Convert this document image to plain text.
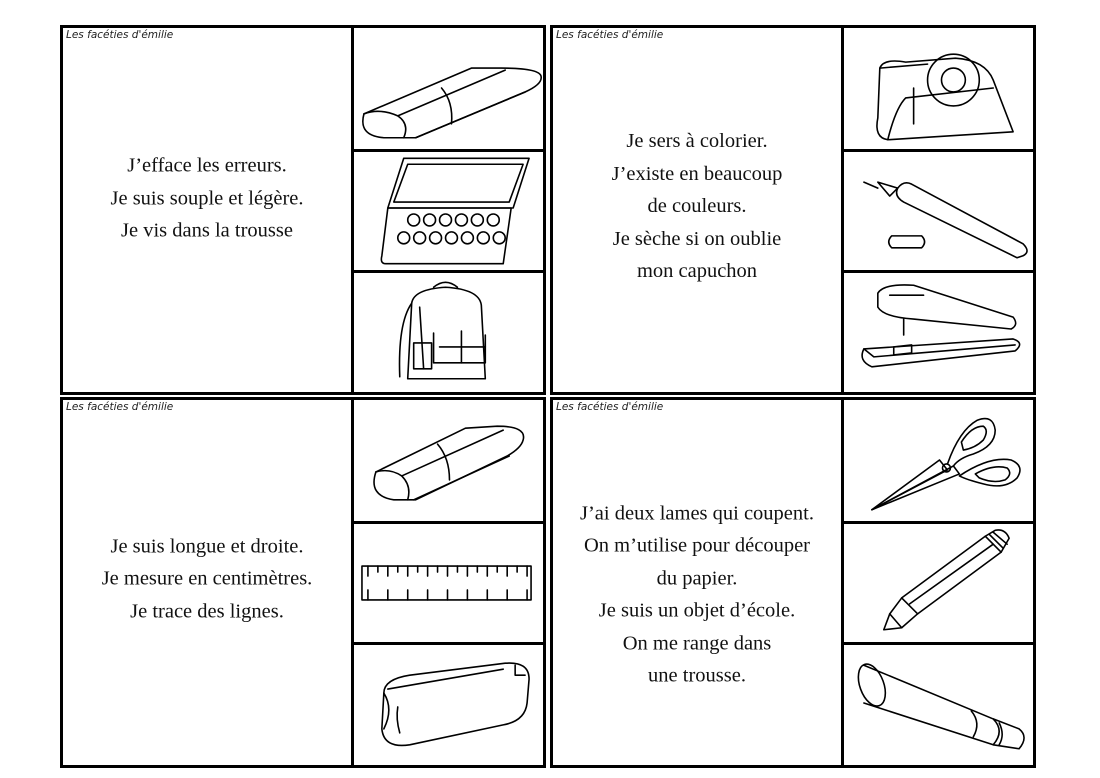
Les facéties d'émilie
J’efface les erreurs.
Je suis souple et légère.
Je vis dans la trousse
Les facéties d'émilie
Je sers à colorier.
J’existe en beaucoup
de couleurs.
Je sèche si on oublie
mon capuchon
Les facéties d'émilie
Je suis longue et droite.
Je mesure en centimètres.
Je trace des lignes.
Les facéties d'émilie
J’ai deux lames qui coupent.
On m’utilise pour découper
du papier.
Je suis un objet d’école.
On me range dans
une trousse.
